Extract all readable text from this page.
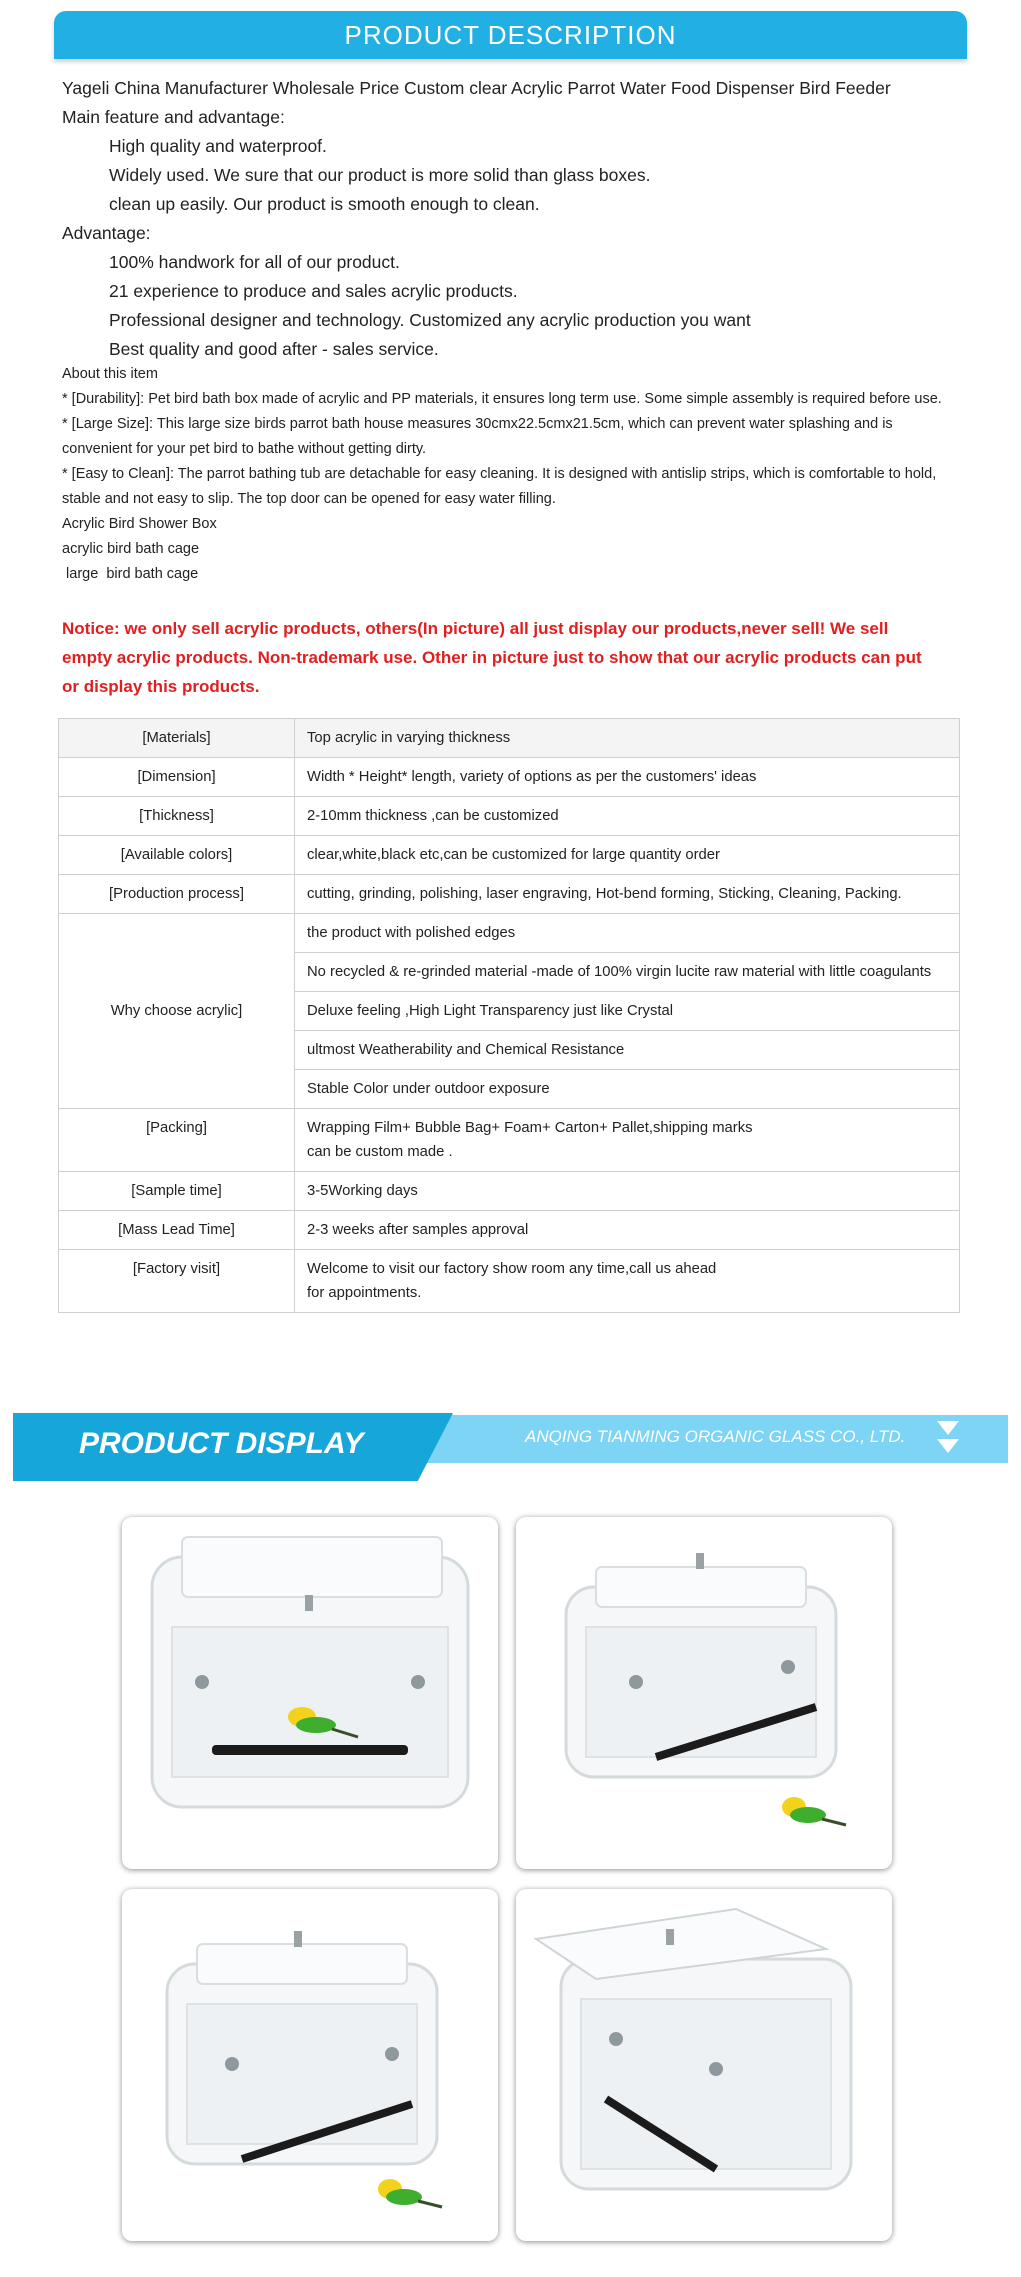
PRODUCT DESCRIPTION
Yageli China Manufacturer Wholesale Price Custom clear Acrylic Parrot Water Food Dispenser Bird Feeder
Main feature and advantage:
High quality and waterproof.
Widely used. We sure that our product is more solid than glass boxes.
clean up easily. Our product is smooth enough to clean.
Advantage:
100% handwork for all of our product.
21 experience to produce and sales acrylic products.
Professional designer and technology. Customized any acrylic production you want
Best quality and good after - sales service.
About this item
* [Durability]: Pet bird bath box made of acrylic and PP materials, it ensures long term use. Some simple assembly is required before use.
* [Large Size]: This large size birds parrot bath house measures 30cmx22.5cmx21.5cm, which can prevent water splashing and is convenient for your pet bird to bathe without getting dirty.
* [Easy to Clean]: The parrot bathing tub are detachable for easy cleaning. It is designed with antislip strips, which is comfortable to hold, stable and not easy to slip. The top door can be opened for easy water filling.
Acrylic Bird Shower Box
acrylic bird bath cage
large  bird bath cage
Notice: we only sell acrylic products, others(In picture) all just display our products,never sell! We sell empty acrylic products. Non-trademark use. Other in picture just to show that our acrylic products can put or display this products.
[Materials]	Top acrylic in varying thickness
[Dimension]	Width * Height* length, variety of options as per the customers' ideas
[Thickness]	2-10mm thickness ,can be customized
[Available colors]	clear,white,black etc,can be customized for large quantity order
[Production process]	cutting, grinding, polishing, laser engraving, Hot-bend forming, Sticking, Cleaning, Packing.
Why choose acrylic]	the product with polished edges
	No recycled & re-grinded material -made of 100% virgin lucite raw material with little coagulants
	Deluxe feeling ,High Light Transparency just like Crystal
	ultmost Weatherability and Chemical Resistance
	Stable Color under outdoor exposure
[Packing]	Wrapping Film+ Bubble Bag+ Foam+ Carton+ Pallet,shipping marks
can be custom made .

[Sample time]	3-5Working days
[Mass Lead Time]	2-3 weeks after samples approval
[Factory visit]	Welcome to visit our factory show room any time,call us ahead
for appointments.
PRODUCT DISPLAY	ANQING TIANMING ORGANIC GLASS CO., LTD.
